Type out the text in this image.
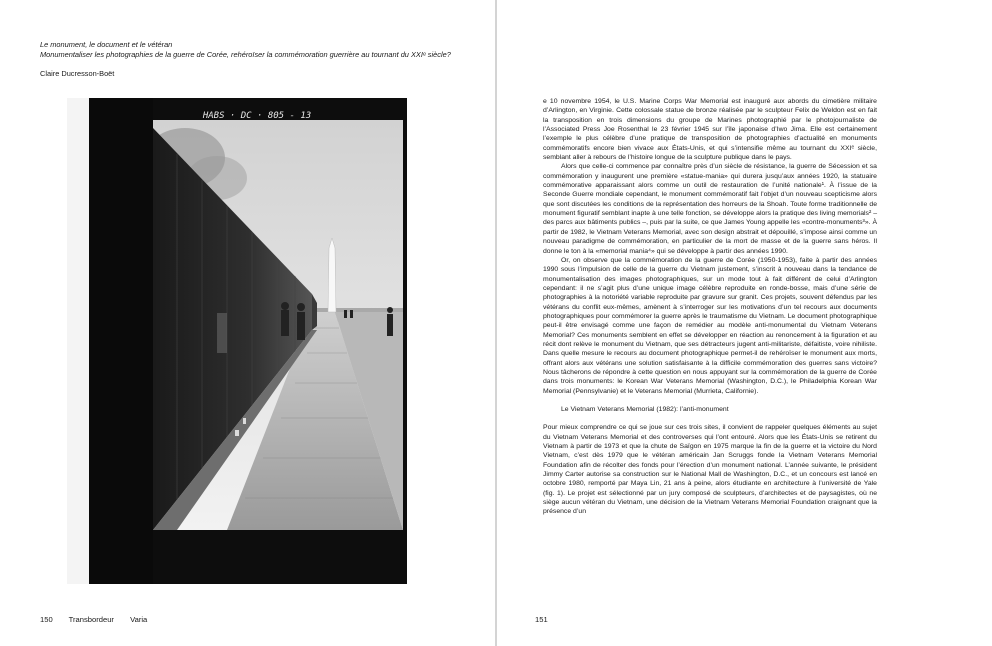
Le monument, le document et le vétéran
Monumentaliser les photographies de la guerre de Corée, rehéroïser la commémoration guerrière au tournant du XXIᵉ siècle?
Claire Ducresson-Boët
HABS · DC · 805 - 13
150 Transbordeur Varia

e 10 novembre 1954, le U.S. Marine Corps War Memorial est inauguré aux abords du cimetière militaire d’Arlington, en Virginie. Cette colossale statue de bronze réalisée par le sculpteur Felix de Weldon est en fait la transposition en trois dimensions du groupe de Marines photographié par le photojournaliste de l’Associated Press Joe Rosenthal le 23 février 1945 sur l’île japonaise d’Iwo Jima. Elle est certainement l’exemple le plus célèbre d’une pratique de transposition de photographies d’actualité en monuments commémoratifs encore bien vivace aux États-Unis, et qui s’intensifie même au tournant du XXIᵉ siècle, semblant aller à rebours de l’histoire longue de la sculpture publique dans le pays.

Alors que celle-ci commence par connaître près d’un siècle de résistance, la guerre de Sécession et sa commémoration y inaugurent une première «statue-mania» qui durera jusqu’aux années 1920, la statuaire commémorative apparaissant alors comme un outil de restauration de l’unité nationale¹. À l’issue de la Seconde Guerre mondiale cependant, le monument commémoratif fait l’objet d’un nouveau scepticisme alors que sont discutées les conditions de la représentation des horreurs de la Shoah. Toute forme traditionnelle de monument figuratif semblant inapte à une telle fonction, se développe alors la pratique des living memorials² – des parcs aux bâtiments publics –, puis par la suite, ce que James Young appelle les «contre-monuments³». À partir de 1982, le Vietnam Veterans Memorial, avec son design abstrait et dépouillé, s’impose ainsi comme un nouveau paradigme de commémoration, en particulier de la mort de masse et de la guerre sans héros. Il donne le ton à la «memorial mania⁴» qui se développe à partir des années 1990.

Or, on observe que la commémoration de la guerre de Corée (1950-1953), faite à partir des années 1990 sous l’impulsion de celle de la guerre du Vietnam justement, s’inscrit à nouveau dans la tendance de monumentalisation des images photographiques, sur un mode tout à fait différent de celui d’Arlington cependant: il ne s’agit plus d’une unique image célèbre reproduite en ronde-bosse, mais d’une série de photographies à la notoriété variable reproduite par gravure sur granit. Ces projets, souvent défendus par les vétérans du conflit eux-mêmes, amènent à s’interroger sur les motivations d’un tel recours aux documents photographiques pour commémorer la guerre après le traumatisme du Vietnam. Le document photographique peut-il être envisagé comme une façon de remédier au modèle anti-monumental du Vietnam Veterans Memorial? Ces monuments semblent en effet se développer en réaction au renoncement à la figuration et au récit dont relève le monument du Vietnam, que ses détracteurs jugent anti-militariste, défaitiste, voire nihiliste. Dans quelle mesure le recours au document photographique permet-il de rehéroïser le monument aux morts, offrant alors aux vétérans une solution satisfaisante à la difficile commémoration des guerres sans victoire? Nous tâcherons de répondre à cette question en nous appuyant sur la commémoration de la guerre de Corée dans trois monuments: le Korean War Veterans Memorial (Washington, D.C.), le Philadelphia Korean War Memorial (Pennsylvanie) et le Veterans Memorial (Murrieta, Californie).

Le Vietnam Veterans Memorial (1982): l’anti-monument

Pour mieux comprendre ce qui se joue sur ces trois sites, il convient de rappeler quelques éléments au sujet du Vietnam Veterans Memorial et des controverses qui l’ont entouré. Alors que les États-Unis se retirent du Vietnam à partir de 1973 et que la chute de Saïgon en 1975 marque la fin de la guerre et la victoire du Nord Vietnam, c’est dès 1979 que le vétéran américain Jan Scruggs fonde la Vietnam Veterans Memorial Foundation afin de récolter des fonds pour l’érection d’un monument national. L’année suivante, le président Jimmy Carter autorise sa construction sur le National Mall de Washington, D.C., et un concours est lancé en octobre 1980, remporté par Maya Lin, 21 ans à peine, alors étudiante en architecture à l’université de Yale (fig. 1). Le projet est sélectionné par un jury composé de sculpteurs, d’architectes et de paysagistes, où ne siège aucun vétéran du Vietnam, une décision de la Vietnam Veterans Memorial Foundation craignant que la présence d’un

151
